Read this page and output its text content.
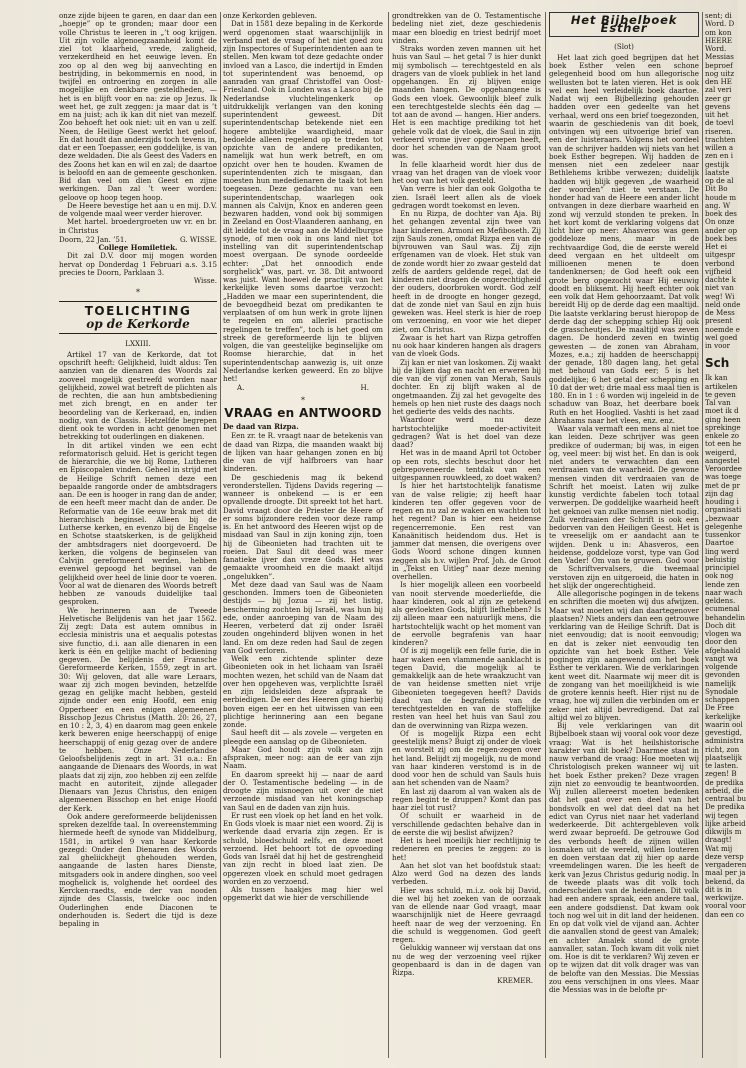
onze zijde bijeen te garen, en daar dan een „hoepje” op te gronden; maar door een volle Christus te leeren in „’t oog krijgen. Uit zijn volle algenoegzaamheid komt de ziel tot klaarheid, vrede, zaligheid, verzekerdheid en het eeuwige leven. En zoo op al den weg bij aanvechting en bestrijding, in bekommernis en nood, in twijfel en ontroering en zorgen in alle mogelijke en denkbare gesteldheden, — het is en blijft voor en na: zie op Jezus. Ik weet het, ge zult zeggen: ja maar dat is ’t em na juist; ach ik kan dit niet van mezelf. Zoo behoeft het ook niet: uit en van u zelf. Neen, de Heilige Geest werkt het geloof. En dat houdt dan anderzijds toch tevens in, dat er een Toepasser, een goddelijke, is van deze weldaden. Die als Geest des Vaders en des Zoons het kan en wil en zal; de daartoe is beloofd en aan de gemeente geschonken. Bid dan veel om dien Geest en zijne werkingen. Dan zal ’t weer worden: geloove op hoop tegen hoop.

De Heere bevestige het aan u en mij. D.V. de volgende maal weer verder hierover.

Met hartel. broedergroeten uw vr. en br. in Christus

Doorn, 22 Jan. ’51.	G. WISSE.

College Homiletiek.

Dit zal D.V. door mij mogen worden hervat op Donderdag 1 Februari a.s. 3.15 precies te Doorn, Parklaan 3.

Wisse.

*
TOELICHTING
op de Kerkorde

LXXIII.

Artikel 17 van de Kerkorde, dat tot opschrift heeft: Gelijkheid, luidt aldus: Ten aanzien van de dienaren des Woords zal zooveel mogelijk gestreefd worden naar gelijkheid, zowel wat betreft de plichten als de rechten, die aan hun ambtsbediening met zich brengt, en en ander ter beoordeling van de Kerkeraad, en, indien nodig, van de Classis. Hetzelfde begrepen dient ook te worden in acht genomen met betrekking tot ouderlingen en diakenen.

In dit artikel vinden we een echt reformatorisch geluid. Het is gericht tegen de hierarchie, die we bij Rome, Lutheren en Episcopalen vinden. Geheel in strijd met de Heilige Schrift nemen deze een bepaalde rangorde onder de ambtsdragers aan. De een is hooger in rang dan de ander, de een heeft meer macht dan de ander. De Reformatie van de 16e eeuw brak met dit hierarchisch beginsel. Alleen bij de Lutherse kerken, en evenzo bij de Engelse en Schotse staatskerken, is de gelijkheid der ambtsdragers niet doorgevoerd. De kerken, die volgens de beginselen van Calvijn gereformeerd werden, hebben evenwel gepoogd het beginsel van de gelijkheid over heel de linie door te voeren. Voor al wat de dienaren des Woords betreft hebben ze vanouds duidelijke taal gesproken.

We herinneren aan de Tweede Helvetische Belijdenis van het jaar 1562. Zij zegt: Data est autem omnibus in ecclesia ministris una et aequalis potestas sive functio, d.i. aan alle dienaren in een kerk is één en gelijke macht of bediening gegeven. De belijdenis der Fransche Gereformeerde Kerken, 1559, zegt in art. 30: Wij geloven, dat alle ware Leraars, waar zij zich mogen bevinden, hetzelfde gezag en gelijke macht hebben, gesteld zijnde onder een enig Hoofd, een enig Opperheer en een enigen algemeenen Bisschop Jezus Christus (Matth. 20: 26, 27, en 10 : 2, 3, 4) en daarom mag geen enkele kerk beweren enige heerschappij of enige heerschappij of enig gezag over de andere te hebben. Onze Nederlandse Geloofsbelijdenis zegt in art. 31 o.a.: En aangaande de Dienaars des Woords, in wat plaats dat zij zijn, zoo hebben zij een zelfde macht en autoriteit, zijnde allegader Dienaars van Jezus Christus, den enigen algemeenen Bisschop en het enige Hoofd der Kerk.

Ook andere gereformeerde belijdenissen spreken dezelfde taal. In overeenstemming hiermede heeft de synode van Middelburg, 1581, in artikel 9 van haar Kerkorde gezegd: Onder den Dienaren des Woords zal gheliickheijt ghehouden werden, aangaande de lasten hares Dienste, mitsgaders ook in andere dinghen, soo veel moghelick is, volghende het oordeel des Kercken-raedts, ende der van nooden zijnde des Classis, twelcke ooc inden Ouderlinghen ende Diaconen te onderhouden is. Sedert die tijd is deze bepaling in

onze Kerkorden gebleven.

Dat in 1581 deze bepaling in de Kerkorde werd opgenomen staat waarschijnlijk in verband met de vraag of het niet goed zou zijn Inspectores of Superintendenten aan te stellen. Men kwam tot deze gedachte onder invloed van a Lasco, die indertijd in Emden tot superintendent was benoemd, op aanraden van graaf Christoffel van Oost-Friesland. Ook in Londen was a Lasco bij de Nederlandse vluchtelingenkerk op uitdrukkelijk verlangen van den koning superintendent geweest. Dit superintendentschap betekende niet een hogere ambtelijke waardigheid, maar bedoelde alleen regelend op te treden tot opzichte van de andere predikanten, namelijk wat hun werk betreft, en om opzicht over hen te houden. Kwamen de superintendenten zich te misgaan, dan moesten hun mededienaren de taak tot hen toegeasen. Deze gedachte nu van een superintendentschap, waarlegen ook mannen als Calvijn, Knox en anderen geen bezwaren hadden, vond ook bij sommigen in Zeeland en Oost-Vlaanderen aanhang, en dit leidde tot de vraag aan de Middelburgse synode, of men ook in ons land niet tot instelling van dit superintendentschap moest overgaan. De synode oordeelde echter: „Dat het onnoodich ende sorghelick” was, part. vr. 38. Dit antwoord was juist. Want hoewel de practijk van het kerkelijke leven soms daartoe verzocht: „Hadden we maar een superintendent, die de bevoegdheid bezat om predikanten te verplaatsen of om hun werk in grote lijnen te regelen en om allerlei practische regelingen te treffen”, toch is het goed om streek de gereformeerde lijn te blijven volgen, die van geestelijke beginselijke om Roomse hierarchie, dat in het superintendentschap aanwezig is, uit onze Nederlandse kerken geweerd. En zo blijve het!

A.	H.
*
VRAAG en ANTWOORD

De daad van Rizpa.

Een zr. te R. vraagt naar de betekenis van de daad van Rizpa, die maanden waakt bij de lijken van haar gehangen zonen en bij die van de vijf halfbroers van haar kinderen.

De geschiedenis mag ik bekend veronderstellen. Tijdens Davids regering — wanneer is onbekend — is er een opvallende droogte. Dit spreekt tot het hart. David vraagt door de Priester de Heere of er soms bijzondere reden voor deze ramp is. En het antwoord des Heeren wijst op de misdaad van Saul in zijn koning zijn, toen hij de Gibeonieten had trachten uit te roeien. Dat Saul dit deed was meer fanatieke ijver dan vreze Gods. Het was gemaakte vroomheid en die maakt altijd „ongelukken”.

Met deze daad van Saul was de Naam geschonden. Immers toen de Gibeonieten destijds — bij Jozua — zij het listig, bescherming zochten bij Israël, was hun bij ede, onder aanroeping van de Naam des Heeren, verbeterd dat zij onder Israël zouden ongehinderd blijven wonen in het land. En om deze reden had Saul de zegen van God verloren.

Welk een zichtende splinter deze Gibeonieten ook in het lichaam van Israël mochten wezen, het schild van de Naam dat over hen opgeheven was, verplichtte Israël en zijn leidsleiden deze afspraak te eerbiedigen. De eer des Heeren ging hierbij boven eigen eer en het uitwissen van een plichtige herinnering aan een begane zonde.

Saul heeft dit — als zovele — vergeten en pleegde een aanslag op de Gibeonieten.

Maar God houdt zijn volk aan zijn afspraken, meer nog: aan de eer van zijn Naam.

En daarom spreekt hij — naar de aard der O. Testamentische bedeling — in de droogte zijn misnoegen uit over de niet verzoende misdaad van het koningschap van Saul en de daden van zijn huis.

Er rust een vloek op het land en het volk. En Gods vloek is maar niet een woord. Zij is werkende daad ervaria zijn zegen. Er is schuld, bloedschuld zelfs, en deze moet verzoend. Het behoort tot de opvoeding Gods van Israël dat hij het de gestrengheid van zijn recht in bloed laat zien. De opgerezen vloek en schuld moet gedragen worden en zo verzoend.

Als tussen haakjes mag hier wel opgemerkt dat wie hier de verschillende

grondtrekken van de O. Testamentische bedeling niet ziet, deze geschiedenis maar een bloedig en triest bedrijf moet vinden.

Straks worden zeven mannen uit het huis van Saul — het getal 7 is hier dunkt mij symbolisch — terechtgesteld en als dragers van de vloek publiek in het land opgehangen. En zij blijven enige maanden hangen. De opgehangene is Gods een vloek. Gewoonlijk bleef zulk een terechtgestelde slechts één dag — tot aan de avond — hangen. Hier anders. Het is een machtige prediking tot het gehele volk dat de vloek, die Saul in zijn verkeerd vrome ijver opgeroepen heeft, door het schenden van de Naam groot was.

In felle klaarheid wordt hier dus de vraag van het dragen van de vloek voor het oog van het volk gesteld.

Van verre is hier dan ook Golgotha te zien. Israël leert allen als de vloek gedragen wordt toekomst en leven.

En nu Rizpa, de dochter van Aja. Bij het gehangen zevental zijn twee van haar kinderen. Armoni en Mefiboseth. Zij zijn Sauls zonen, omdat Rizpa een van de bijvrouwen van Saul was. Zij zijn erfgenamen van de vloek. Het stuk van de zonde wordt hier zo zwaar gesteld dat zelfs de aarders geldende regel, dat de kinderen niet dragen de ongerechtigheid der ouders, doorbroken wordt. God zelf heeft in de droogte en honger gezegd, dat de zonde niet van Saul en zijn huis geweken was. Heel sterk is hier de roep om verzoening, en voor wie het dieper ziet, om Christus.

Zwaar is het hart van Rizpa getroffen nu ook haar kinderen hangen als dragers van de vloek Gods.

Zij kan er niet van loskomen. Zij waakt bij de lijken dag en nacht en erweren bij die van de vijf zonen van Merab, Sauls dochter. En zij blijft waken al de ongetmaanden. Zij zal het gevogelte des hemels op hen niet ruste des daags noch het gedierte des velds des nachts.

Waardoor werd nu deze hartstochtelijke moeder-activiteit gedragen? Wat is het doel van deze daad?

Het was in de maand April tot October op een rots, slechts beschut door het gebrepoveneerde tentdak van een uitgespannen rouwkleed, zo doet waken?

Is hier het hartstochtelijk fanatisme van de valse religie; zij heeft haar kinderen ten offer gegeven voor de regen en nu zal ze waken en wachten tot het regent? Dan is hier een heidense regencerremonie. Een rest van Kanaänitisch heidendom dus. Het is jammer dat mensen, die overigens over Gods Woord schone dingen kunnen zeggen als b.v. wijlen Prof. Joh. de Groot in „Tekst en Uitleg” naar deze mening overhellen.

Is hier mogelijk alleen een voorbeeld van nooit stervende moederliefde, die haar kinderen, ook al zijn ze getekend als gevloekten Gods, blijft liefhebben? Is zij alleen maar een natuurlijk mens, die hartstochtelijk wacht op het moment van de eervolle begrafenis van haar kinderen?

Of is zij mogelijk een felle furie, die in haar waken een vlammende aanklacht is tegen David, die mogelijk al te gemakkelijk aan de hete wraakzucht van de van heidense smetten niet vrije Gibeonieten toegegeven heeft? Davids daad van de begrafenis van de terechtgestelden en van de stoffelijke resten van heel het huis van Saul zou dan de overwinning van Rizpa wezen.

Of is mogelijk Rizpa een echt geestelijk mens? Buigt zij onder de vloek en worstelt zij om de regen-zegen over het land. Belijdt zij mogelijk, nu de mond van haar kinderen verstomd is in de dood voor hen de schuld van Sauls huis aan het schenden van de Naam?

En last zij daarom al van waken als de regen begint te druppen? Komt dan pas haar ziel tot rust?

Of schuilt er waarheid in de verschillende gedachten behalve dan in de eerste die wij beslist afwijzen?

Het is heel moeilijk hier rechtlijnig te redeneren en precies te zeggen: zo is het!

Aan het slot van het boofdstuk staat: Alzo werd God na dezen des lands verbeden.

Hier was schuld, m.i.z. ook bij David, die wel bij het zoeken van de oorzaak van de ellende naar God vraagt, maar waarschijnlijk niet de Heere gevraagd heeft naar de weg der verzoening. En die schuld is weggenomen. God geeft regen.

Gelukkig wanneer wij verstaan dat ons nu de weg der verzoening veel rijker geopenbaard is dan in de dagen van Rizpa.

KREMER.

Het Bijbelboek Esther
(Slot)

Het laat zich goed begrijpen dat het boek Esther velen een schone gelegenheid bood om hun allegorische wellusten bot te laten vieren. Het is ook wel een heel verleidelijk boek daartoe. Nadat wij een Bijbellezing gehouden hadden over een gedeelte van het verhaal, werd ons een brief toegezonden, waarin de geschiedenis van dit boek, ontvingen wij een uitvoerige brief van een der luisteraars. Volgens het oordeel van de schrijver hadden wij niets van het boek Esther begrepen. Wij hadden de mensen niet een zedeleer naar Bethlehems kribbe verwezen; duidelijk hadden wij blijk gegeven „de waarheid der woorden” niet te verstaan. De honder had van de Heere een ander licht ontvangen in deze dierbare waarheid en zond wij verzuld stonden te preken. In het kort komt de verklaring volgens dat licht hier op neer: Ahasveros was geen goddeloze mens, maar in de rechtvaardige God, die de eerste wereld deed vergaan en het ultdeelt om millioenen menen te doen tandenknersen; de God heeft ook een grote berg opgezocht waar Hij eeuwig doodt en bliksemt. Hij heeft echter ook een volk dat Hem gehoorzaamt. Dat volk bereidt Hij op de derde dag een maaltijd. Die laatste verklaring berust hieropop de derde dag der schepping schiep Hij ook de grasscheutjes. De maaltijd was zeven dagen. De honderd zeven en twintig gewesten — de zonen van Abraham, Mozes, e.a.; zij hadden de heerschappij der genade, 180 dagen lang, het getal met behoud van Gods eer; 5 is het goddelijke; 6 het getal der schepping en 10 dat der wet; drie maal ess maal tien is 180. En in 1 : 6 worden wij ingeleid in de schaduw van Boaz, het deerbare boek Ruth en het Hooglied. Vashti is het zaad Abrahams naar het vlees, enz. enz.

Waar vala vermaft een mens al niet toe kan leiden. Deze schrijver was geen predikce of ouderman; bij was, in eigen og, veel meer: bij wist het. En dan is ook niet anders te verwachten dan een verdraaien van de waarheid. De gewone mensen vinden dit verdraaien van de Schrift het moeist. Laten wij zulke kunstig verdichte fabelen toch totaal verwerpen. De goddelijke waarheid heeft het geknoei van zulke mensen niet nodig. Zulk verdraaien der Schrift is ook een bedorven van den Heiligen Geest. Het is te vreeselijk om er aandacht aan te wijden. Denk u in: Ahasveros, een heidense, goddeloze vorst, type van God den Vader! Om van te gruwen. God voor de Schriftvervalsers, die tweemaal verstoven zijn en uitgeroeid, die haten in het slijk der ongerechtigheid.

Alle allegorische pogingen in de tekens en schriften die moeten wij dus afwijzen. Maar wat moeten wij dan daartegenover plaatsen? Niets anders dan een getrouwe verklaring van de Heilige Schrift. Dat is niet eenvoudig; dat is nooit eenvoudig; en dat is zeker niet eenvoudig ten opzichte van het boek Esther. Vele pogingen zijn aangewend om het boek Esther te verklaren. Wie de verklaringen kent weet dit. Naarmate wij meer dit is de zongang van het moeilijkheid is wie de grotere kennis heeft. Hier rijst nu de vraag, hoe wij zullen die verbinden om er zeker niet altijd bevredigend. Dat zal altijd wel zo blijven.

Bij vele verklaringen van dit Bijbelboek staan wij vooral ook voor deze vraag: Wat is het heilshistorische karakter van dit boek? Daarmee staat in nauw verband de vraag: Hoe moeten wij Christologisch preken wanneer wij uit het boek Esther preken? Deze vragen zijn niet zo eenvoudig te beantwoorden. Wij zullen allereerst moeten bedenken dat het gaat over een deel van het bondsvolk en wel dat deel dat na het edict van Cyrus niet naar het vaderland wederkeerde. Dit achtergebleven volk werd zwaar beproefd. De getrouwe God des verbonds heeft de zijnen willen losmaken uit de wereld, willen louteren en doen verstaan dat zij hier op aarde vreemdelingen waren. Die les heeft de kerk van Jezus Christus gedurig nodig. In de tweede plaats was dit volk toch onderscheiden van de heidenen. Dit volk had een andere spraak, een andere taal, een andere godsdienst. Dat kwam ook toch nog wel uit in dit land der heidenen. En op dat volk viel de vijand aan. Achter die aanvallen stond de geest van Amalek; en achter Amalek stond de grote aanvaller, satan. Toch kwam dit volk niet om. Hoe is dit te verklaren? Wij zeven er op te wijzen dat dit volk drager was van de belofte van den Messias. Die Messias zou eens verschijnen in ons vlees. Maar die Messias was in de belofte pr-

sent; di

Word. D

om kon

HEERE

Word.

Messias

beproef

nog uitz

den HE

zal veri

zeer gr

gevens

uit het

de toevl

riseren.

trachten

willen a

zen en i

gestijk

laatste

op de al

Dit Bo

houde m

ang. W

boek des

On onze

ander op

boek bes

Het ei

uitgespr

verbond

vijfheid

dachte k

niet van

weg! Wi

neld onde

de Mess

present

noemde e

wel goed

in voor

Sch

Ik kan

artikelen

te geven

Tal van

moet ik d

ging heen

sprekinge

enkele zo

tot een he

weigerd,

aangestel

Veroordee

was toege

met de pr

zijn dag

houding i

organisati

„bezwaar

gelegenhe

tussenkor

Daartoe

ling werd

beluistig

principiel

ook nog

lende zen

naar wach

geldens.

ecumenal

behandelin

Doch dit

vlogen wa

door den

afgehaald

vangt wa

volgende

gevonden

namelijk

Synodale

schappen

De Free

kerkelijke

waarin ool

gevestigd,

administra

richt, zon

plaatselijk

te lasten.

zegen! B

de predika

arbeid, die

centraal bu

De predika

wij tegen

lijke arbeid

dikwijls m

draagt!

Wat mij

deze versp

vergaderen

maal per ja

bekend, da

dit is in

werkwijze.

vooral voor

dan een co
